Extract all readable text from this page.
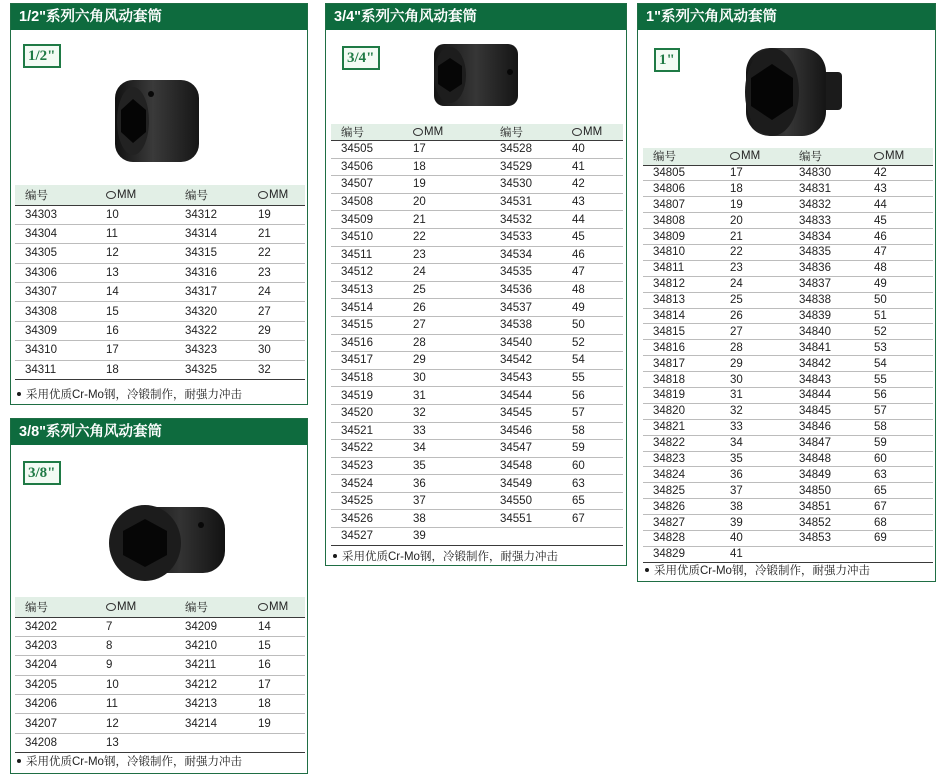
1/2"系列六角风动套筒
1/2"
编号	MM	编号	MM
34303	10	34312	19
34304	11	34314	21
34305	12	34315	22
34306	13	34316	23
34307	14	34317	24
34308	15	34320	27
34309	16	34322	29
34310	17	34323	30
34311	18	34325	32
采用优质Cr-Mo钢，冷锻制作，耐强力冲击
3/8"系列六角风动套筒
3/8"
编号	MM	编号	MM
34202	7	34209	14
34203	8	34210	15
34204	9	34211	16
34205	10	34212	17
34206	11	34213	18
34207	12	34214	19
34208	13		
采用优质Cr-Mo钢，冷锻制作，耐强力冲击
3/4"系列六角风动套筒
3/4"
编号	MM	编号	MM
34505	17	34528	40
34506	18	34529	41
34507	19	34530	42
34508	20	34531	43
34509	21	34532	44
34510	22	34533	45
34511	23	34534	46
34512	24	34535	47
34513	25	34536	48
34514	26	34537	49
34515	27	34538	50
34516	28	34540	52
34517	29	34542	54
34518	30	34543	55
34519	31	34544	56
34520	32	34545	57
34521	33	34546	58
34522	34	34547	59
34523	35	34548	60
34524	36	34549	63
34525	37	34550	65
34526	38	34551	67
34527	39		
采用优质Cr-Mo钢，冷锻制作，耐强力冲击
1"系列六角风动套筒
1"
编号	MM	编号	MM
34805	17	34830	42
34806	18	34831	43
34807	19	34832	44
34808	20	34833	45
34809	21	34834	46
34810	22	34835	47
34811	23	34836	48
34812	24	34837	49
34813	25	34838	50
34814	26	34839	51
34815	27	34840	52
34816	28	34841	53
34817	29	34842	54
34818	30	34843	55
34819	31	34844	56
34820	32	34845	57
34821	33	34846	58
34822	34	34847	59
34823	35	34848	60
34824	36	34849	63
34825	37	34850	65
34826	38	34851	67
34827	39	34852	68
34828	40	34853	69
34829	41		
采用优质Cr-Mo钢，冷锻制作，耐强力冲击
